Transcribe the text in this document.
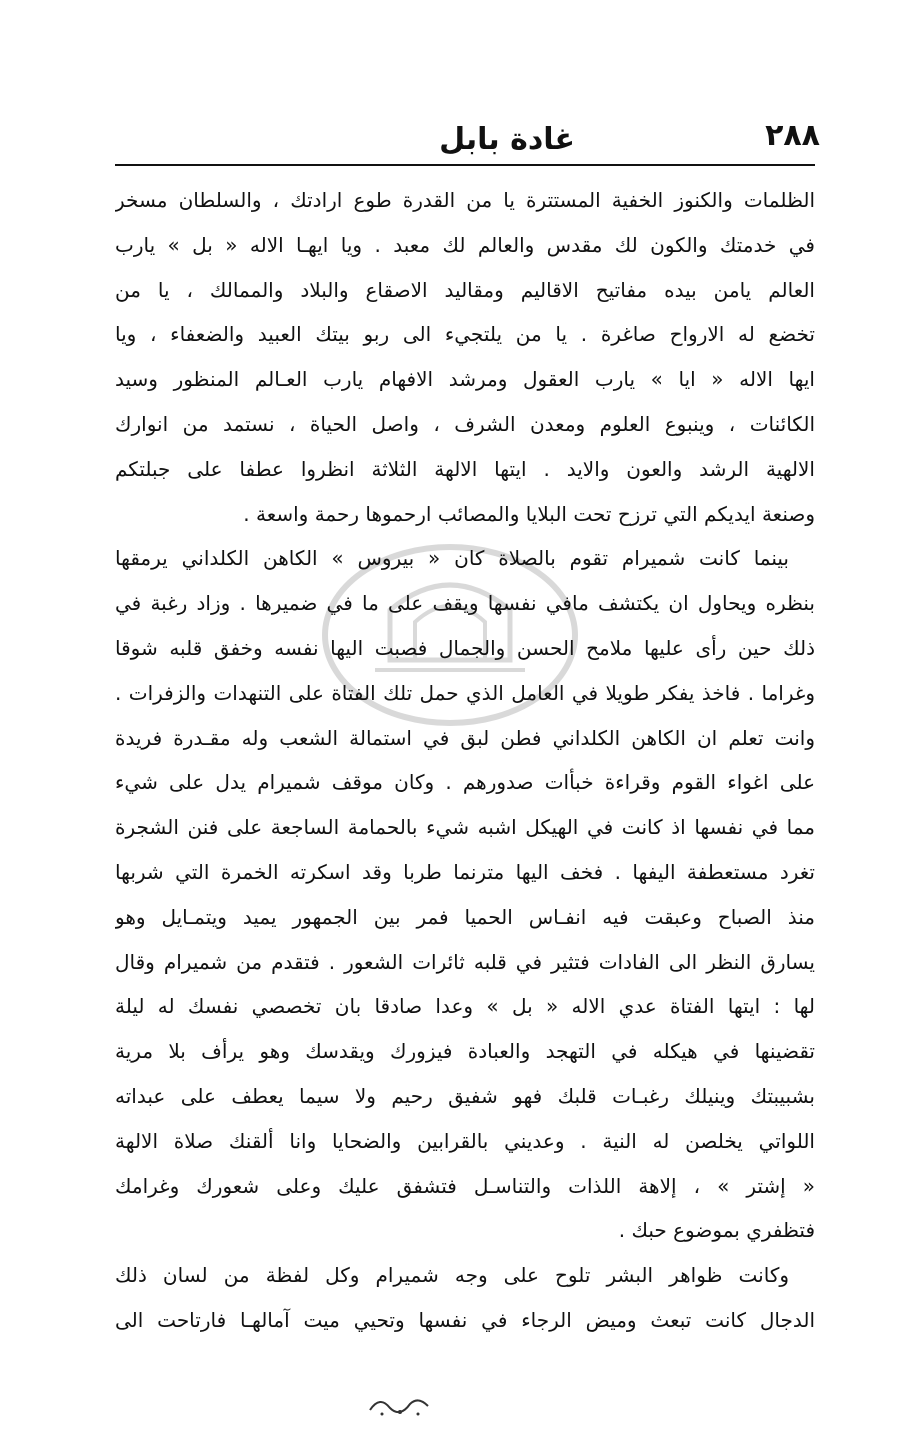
٢٨٨
غادة بابل
الظلمات والكنوز الخفية المستترة يا من القدرة طوع ارادتك ، والسلطان مسخر
في خدمتك والكون لك مقدس والعالم لك معبد . ويا ايهـا الاله « بل » يارب
العالم يامن بيده مفاتيح الاقاليم ومقاليد الاصقاع والبلاد والممالك ، يا من
تخضع له الارواح صاغرة . يا من يلتجيء الى ربو بيتك العبيد والضعفاء ، ويا
ايها الاله « ايا » يارب العقول ومرشد الافهام يارب العـالم المنظور وسيد
الكائنات ، وينبوع العلوم ومعدن الشرف ، واصل الحياة ، نستمد من انوارك
الالهية الرشد والعون والايد . ايتها الالهة الثلاثة انظروا عطفا على جبلتكم
وصنعة ايديكم التي ترزح تحت البلايا والمصائب ارحموها رحمة واسعة .
بينما كانت شميرام تقوم بالصلاة كان « بيروس » الكاهن الكلداني يرمقها
بنظره ويحاول ان يكتشف مافي نفسها ويقف على ما في ضميرها . وزاد رغبة في
ذلك حين رأى عليها ملامح الحسن والجمال فصبت اليها نفسه وخفق قلبه شوقا
وغراما . فاخذ يفكر طويلا في العامل الذي حمل تلك الفتاة على التنهدات والزفرات .
وانت تعلم ان الكاهن الكلداني فطن لبق في استمالة الشعب وله مقـدرة فريدة
على اغواء القوم وقراءة خبأات صدورهم . وكان موقف شميرام يدل على شيء
مما في نفسها اذ كانت في الهيكل اشبه شيء بالحمامة الساجعة على فنن الشجرة
تغرد مستعطفة اليفها . فخف اليها مترنما طربا وقد اسكرته الخمرة التي شربها
منذ الصباح وعبقت فيه انفـاس الحميا فمر بين الجمهور يميد ويتمـايل وهو
يسارق النظر الى الفادات فتثير في قلبه ثائرات الشعور . فتقدم من شميرام وقال
لها : ايتها الفتاة عدي الاله « بل » وعدا صادقا بان تخصصي نفسك له ليلة
تقضينها في هيكله في التهجد والعبادة فيزورك ويقدسك وهو يرأف بلا مرية
بشبيبتك وينيلك رغبـات قلبك فهو شفيق رحيم ولا سيما يعطف على عبداته
اللواتي يخلصن له النية . وعديني بالقرابين والضحايا وانا ألقنك صلاة الالهة
« إشتر » ، إلاهة اللذات والتناسـل فتشفق عليك وعلى شعورك وغرامك
فتظفري بموضوع حبك .
وكانت ظواهر البشر تلوح على وجه شميرام وكل لفظة من لسان ذلك
الدجال كانت تبعث وميض الرجاء في نفسها وتحيي ميت آمالهـا فارتاحت الى
